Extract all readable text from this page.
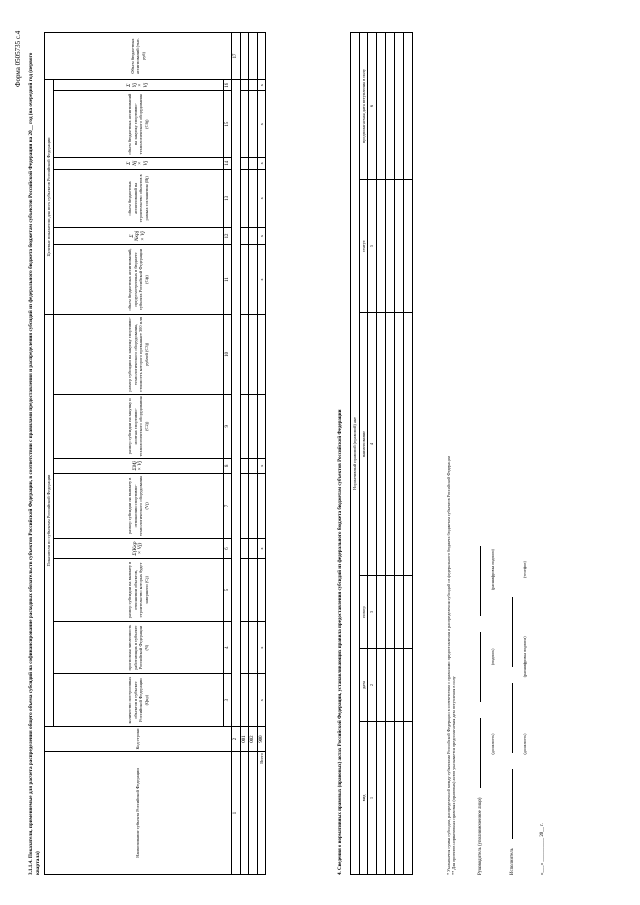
Форма 0505735 с.4 3.1.1.4. Показатели, применяемые для расчета распределения общего объема субсидий на софинансирование расходных обязательств субъектов Российской Федерации, в соответствии с правилами предоставления и распределения субсидий из федерального бюджета бюджетам субъектов Российской Федерации на 20__ год (на очередной год (первого квартала)
Наименование субъекта Российской Федерации	Код строки	Показатели по субъектам Российской Федерации								Целевые показатели для всех субъектов Российской Федерации						Объем бюджетных ассигнований (тыс. руб)
		количество построенных объектов в субъекте Российской Федерации (Qкр)	прогнозная численность работающих в субъекте Российской Федерации (Ч)	размер субсидии на выплату в отношении объектов, строительство которых будет завершено (Сj)	Σ(Kкр × Vj)	размер субсидии на выплату в отношении спортивно-технологического оборудования (Vj)	ΣMj × Vj	размер субсидии на закупку и монтаж спортивно-технологического оборудования (C2j)	размер субсидии на закупку спортивно-технологического оборудования, стоимость которого превышает 300 млн рублей (C3j)	объем бюджетных ассигнований, предусмотренных в бюджете субъекта Российской Федерации (Сф)	Σ Nкрj × Vj	объем бюджетных ассигнований на строительство объектов в рамках соглашения (Вj)	Σ Nj × Vj	объем бюджетных ассигнований на закупку спортивно-технологического оборудования (Сбj)	Σ Yj × Vj	
		3	4	5	6	7	8	9	10	11	12	13	14	15	16	
1	2															17
	001															
	002															
Всего	900	x	x		x		x			x	x	x	x	x	x	
4. Сведения о нормативных правовых (правовых) актах Российской Федерации, устанавливающих правила предоставления субсидий из федерального бюджета бюджетам субъектов Российской Федерации Нормативный правовой (правовой) акт					
вид	дата	номер	наименование	статус	предполагаемая дата вступления в силу
1	2	3	4	5	6

* Указывается сумма субсидии, распределенной между субъектами Российской Федерации в соответствии с правилами предоставления и распределения субсидий из федерального бюджета бюджетам субъектов Российской Федерации ** Для проектов нормативных правовых (правовых) актов указывается предполагаемая дата вступления в силу	Руководитель (уполномоченное лицо)
(должность) (подпись) (расшифровка подписи)
Исполнитель
(должность) (расшифровка подписи) (телефон)
«___» __________ 20__ г.
